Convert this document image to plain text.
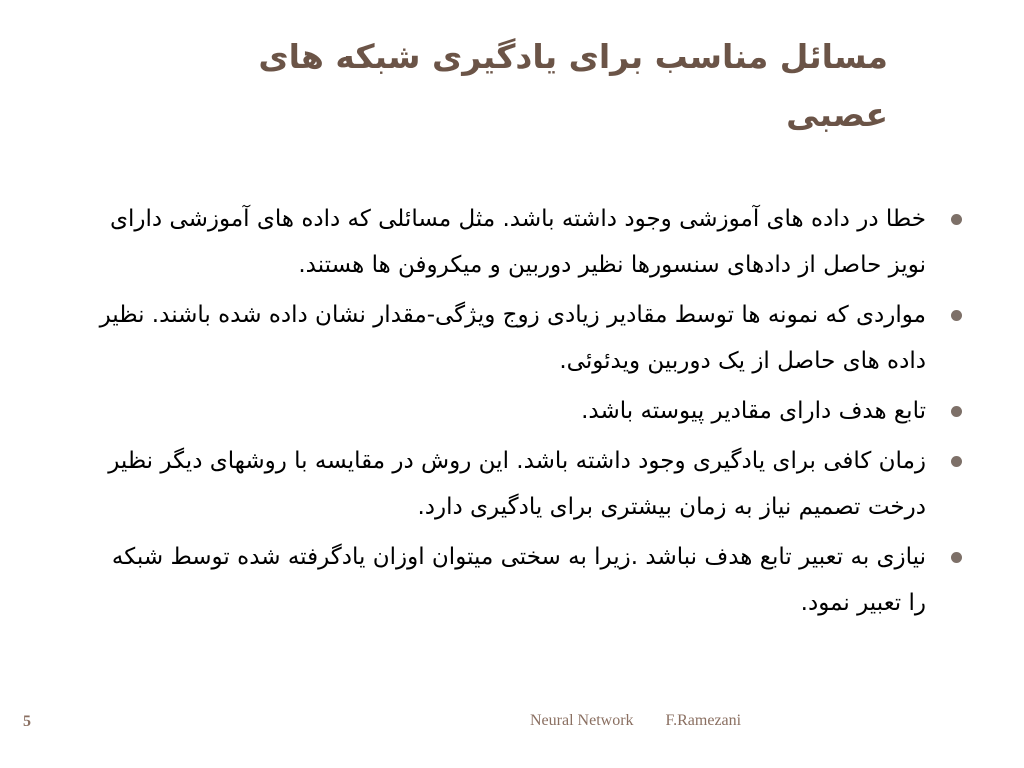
مسائل مناسب برای یادگیری شبکه های عصبی
خطا در داده های آموزشی وجود داشته باشد. مثل مسائلی که داده های آموزشی دارای نویز حاصل از دادهای سنسورها نظیر دوربین و میکروفن ها هستند.
مواردی که نمونه ها توسط مقادیر زیادی زوج ویژگی-مقدار نشان داده شده باشند. نظیر داده های حاصل از یک دوربین ویدئوئی.
تابع هدف دارای مقادیر پیوسته باشد.
زمان کافی برای یادگیری وجود داشته باشد. این روش در مقایسه با روشهای دیگر نظیر درخت تصمیم نیاز به زمان بیشتری برای یادگیری دارد.
نیازی به تعبیر تابع هدف نباشد .زیرا به سختی میتوان اوزان یادگرفته شده توسط شبکه را تعبیر نمود.
5	Neural Network F.Ramezani
